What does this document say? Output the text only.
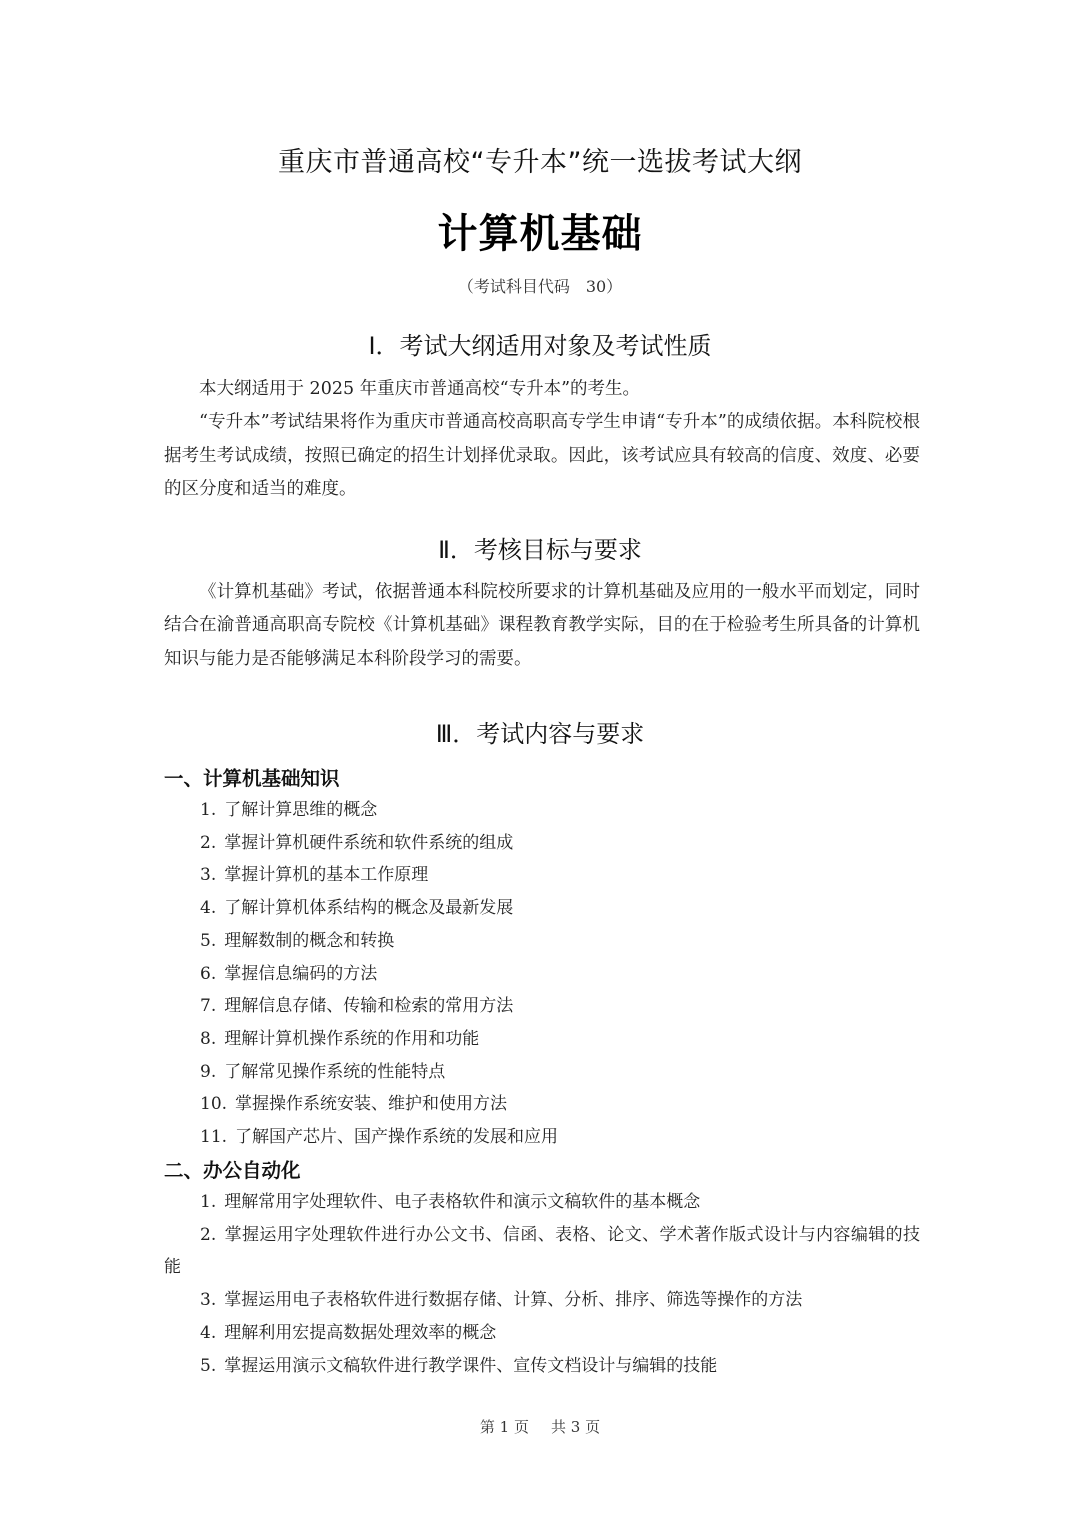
重庆市普通高校“专升本”统一选拔考试大纲
计算机基础
（考试科目代码　30）
Ⅰ．考试大纲适用对象及考试性质

本大纲适用于 2025 年重庆市普通高校“专升本”的考生。

“专升本”考试结果将作为重庆市普通高校高职高专学生申请“专升本”的成绩依据。本科院校根据考生考试成绩，按照已确定的招生计划择优录取。因此，该考试应具有较高的信度、效度、必要的区分度和适当的难度。

Ⅱ．考核目标与要求

《计算机基础》考试，依据普通本科院校所要求的计算机基础及应用的一般水平而划定，同时结合在渝普通高职高专院校《计算机基础》课程教育教学实际，目的在于检验考生所具备的计算机知识与能力是否能够满足本科阶段学习的需要。

Ⅲ．考试内容与要求
一、计算机基础知识
1. 了解计算思维的概念
2. 掌握计算机硬件系统和软件系统的组成
3. 掌握计算机的基本工作原理
4. 了解计算机体系结构的概念及最新发展
5. 理解数制的概念和转换
6. 掌握信息编码的方法
7. 理解信息存储、传输和检索的常用方法
8. 理解计算机操作系统的作用和功能
9. 了解常见操作系统的性能特点
10. 掌握操作系统安装、维护和使用方法
11. 了解国产芯片、国产操作系统的发展和应用
二、办公自动化
1. 理解常用字处理软件、电子表格软件和演示文稿软件的基本概念
2. 掌握运用字处理软件进行办公文书、信函、表格、论文、学术著作版式设计与内容编辑的技能
3. 掌握运用电子表格软件进行数据存储、计算、分析、排序、筛选等操作的方法
4. 理解利用宏提高数据处理效率的概念
5. 掌握运用演示文稿软件进行教学课件、宣传文档设计与编辑的技能
第 1 页 共 3 页
